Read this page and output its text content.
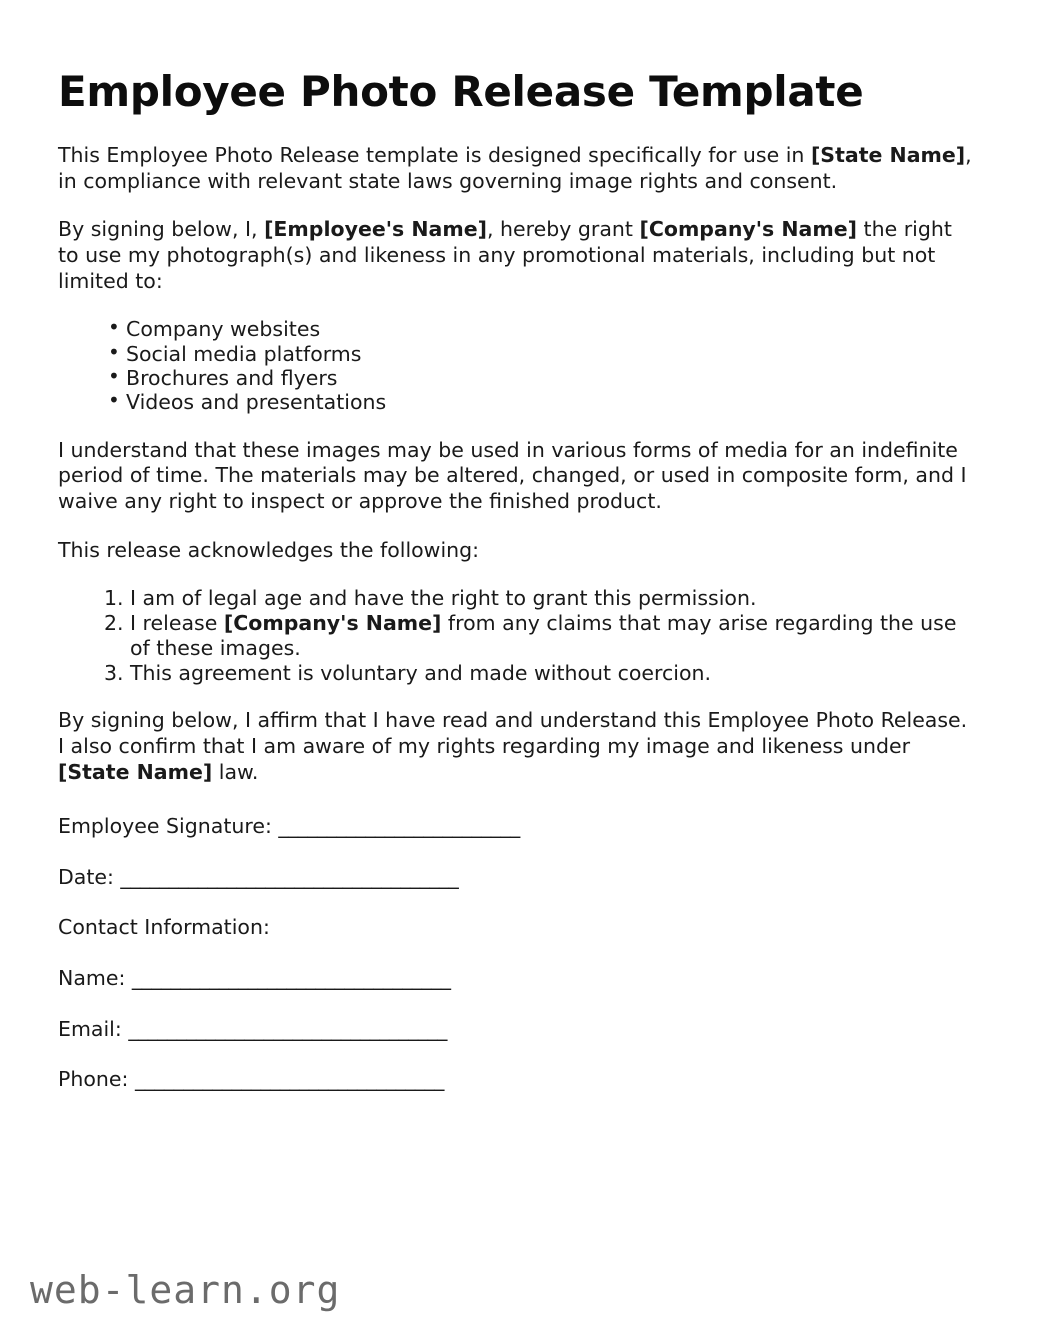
Employee Photo Release Template

This Employee Photo Release template is designed specifically for use in [State Name], in compliance with relevant state laws governing image rights and consent.

By signing below, I, [Employee's Name], hereby grant [Company's Name] the right to use my photograph(s) and likeness in any promotional materials, including but not limited to:

• Company websites
• Social media platforms
• Brochures and flyers
• Videos and presentations

I understand that these images may be used in various forms of media for an indefinite period of time. The materials may be altered, changed, or used in composite form, and I waive any right to inspect or approve the finished product.

This release acknowledges the following:

I am of legal age and have the right to grant this permission.
I release [Company's Name] from any claims that may arise regarding the use of these images.
This agreement is voluntary and made without coercion.

By signing below, I affirm that I have read and understand this Employee Photo Release. I also confirm that I am aware of my rights regarding my image and likeness under [State Name] law.

Employee Signature: _________________________
Date: ___________________________________
Contact Information:
Name: _________________________________
Email: _________________________________
Phone: ________________________________
web-learn.org
